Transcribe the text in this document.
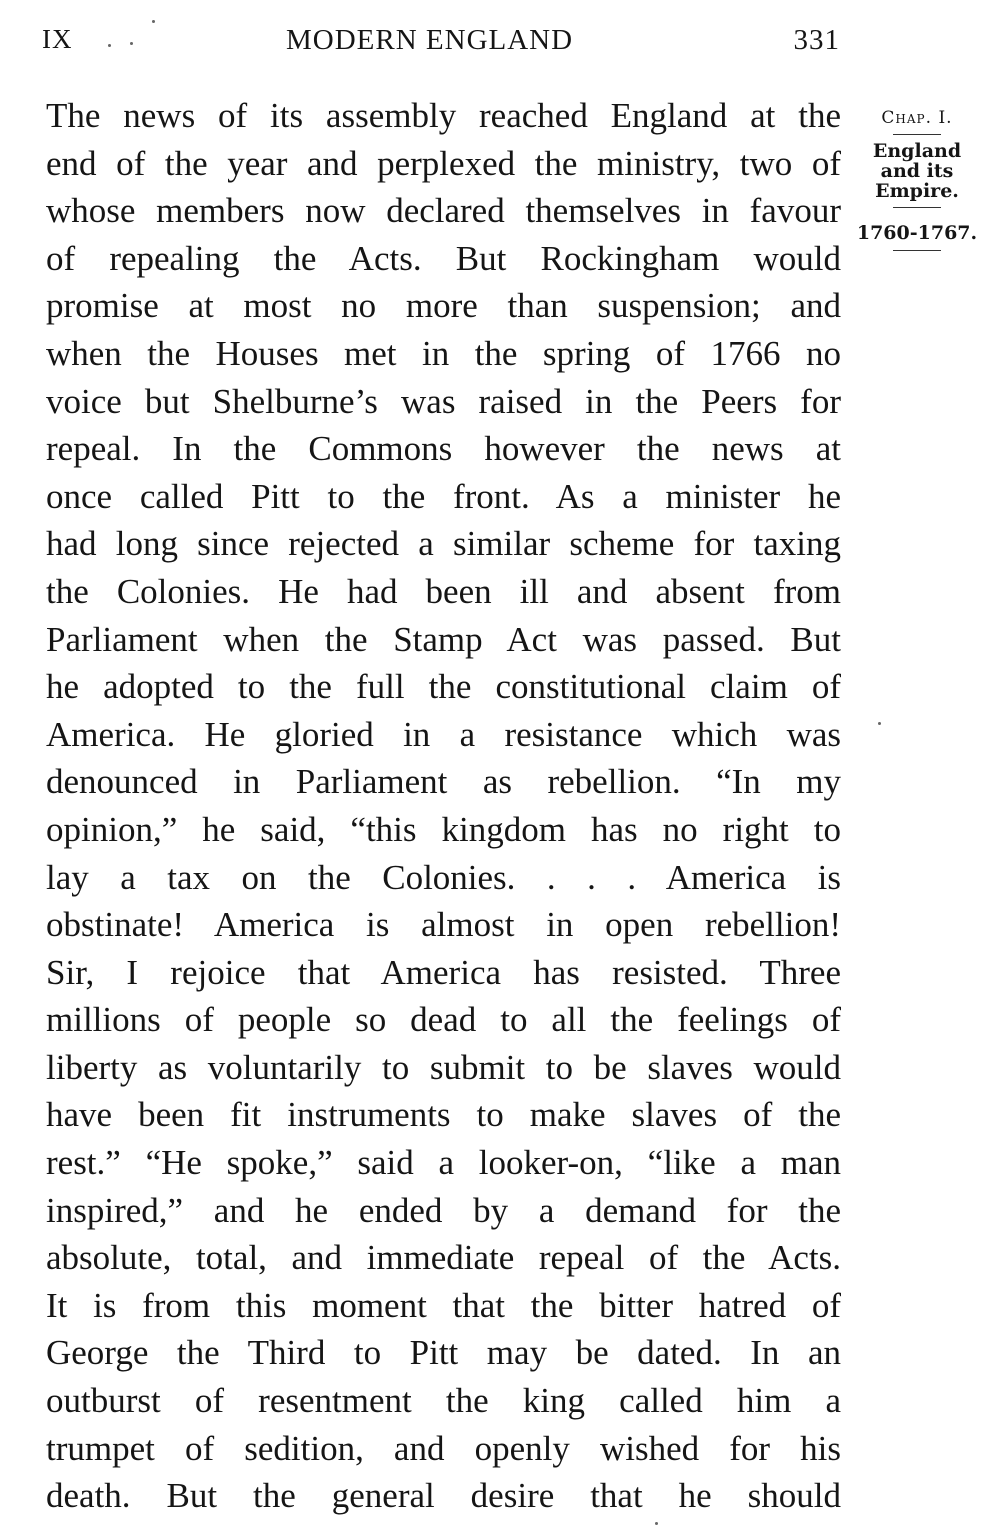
IX	MODERN ENGLAND	331
The news of its assembly reached England at the
end of the year and perplexed the ministry, two of
whose members now declared themselves in favour
of repealing the Acts. But Rockingham would
promise at most no more than suspension; and
when the Houses met in the spring of 1766 no
voice but Shelburne’s was raised in the Peers for
repeal. In the Commons however the news at
once called Pitt to the front. As a minister he
had long since rejected a similar scheme for taxing
the Colonies. He had been ill and absent from
Parliament when the Stamp Act was passed. But
he adopted to the full the constitutional claim of
America. He gloried in a resistance which was
denounced in Parliament as rebellion. “In my
opinion,” he said, “this kingdom has no right to
lay a tax on the Colonies. . . . America is
obstinate! America is almost in open rebellion!
Sir, I rejoice that America has resisted. Three
millions of people so dead to all the feelings of
liberty as voluntarily to submit to be slaves would
have been fit instruments to make slaves of the
rest.” “He spoke,” said a looker-on, “like a man
inspired,” and he ended by a demand for the
absolute, total, and immediate repeal of the Acts.
It is from this moment that the bitter hatred of
George the Third to Pitt may be dated. In an
outburst of resentment the king called him a
trumpet of sedition, and openly wished for his
death. But the general desire that he should
Chap. I.
England
and its
Empire.
1760-1767.
